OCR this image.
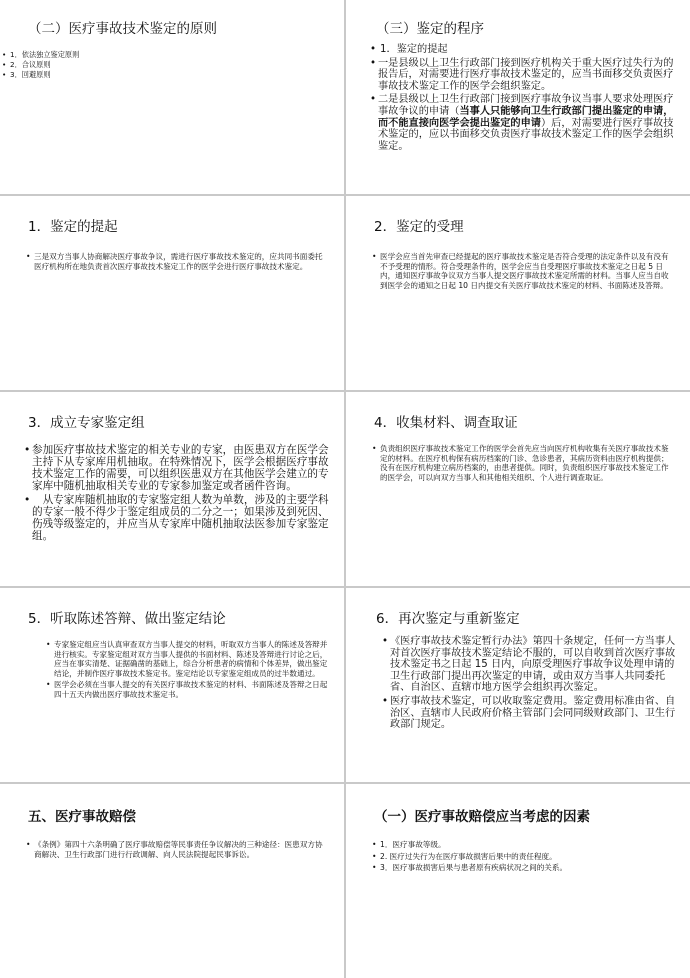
（二）医疗事故技术鉴定的原则
• 1．依法独立鉴定原则
• 2．合议原则
• 3．回避原则
（三）鉴定的程序
• 1．鉴定的提起
• 一是县级以上卫生行政部门接到医疗机构关于重大医疗过失行为的报告后，对需要进行医疗事故技术鉴定的，应当书面移交负责医疗事故技术鉴定工作的医学会组织鉴定。
• 二是县级以上卫生行政部门接到医疗事故争议当事人要求处理医疗事故争议的申请（当事人只能够向卫生行政部门提出鉴定的申请，而不能直接向医学会提出鉴定的申请）后，对需要进行医疗事故技术鉴定的，应以书面移交负责医疗事故技术鉴定工作的医学会组织鉴定。
1．鉴定的提起
• 三是双方当事人协商解决医疗事故争议，需进行医疗事故技术鉴定的，应共同书面委托医疗机构所在地负责首次医疗事故技术鉴定工作的医学会进行医疗事故技术鉴定。
2．鉴定的受理
• 医学会应当首先审查已经提起的医疗事故技术鉴定是否符合受理的法定条件以及有没有不予受理的情形。符合受理条件的，医学会应当自受理医疗事故技术鉴定之日起 5 日内，通知医疗事故争议双方当事人提交医疗事故技术鉴定所需的材料。当事人应当自收到医学会的通知之日起 10 日内提交有关医疗事故技术鉴定的材料、书面陈述及答辩。
3．成立专家鉴定组
• 参加医疗事故技术鉴定的相关专业的专家，由医患双方在医学会主持下从专家库用机抽取。在特殊情况下，医学会根据医疗事故技术鉴定工作的需要，可以组织医患双方在其他医学会建立的专家库中随机抽取相关专业的专家参加鉴定或者函件咨询。
• 　从专家库随机抽取的专家鉴定组人数为单数，涉及的主要学科的专家一般不得少于鉴定组成员的二分之一；如果涉及到死因、伤残等级鉴定的，并应当从专家库中随机抽取法医参加专家鉴定组。
4．收集材料、调查取证
• 负责组织医疗事故技术鉴定工作的医学会首先应当向医疗机构收集有关医疗事故技术鉴定的材料。在医疗机构保有病历档案的门诊、急诊患者，其病历资料由医疗机构提供；没有在医疗机构建立病历档案的，由患者提供。同时，负责组织医疗事故技术鉴定工作的医学会，可以向双方当事人和其他相关组织、个人进行调查取证。
5．听取陈述答辩、做出鉴定结论
• 专家鉴定组应当认真审查双方当事人提交的材料，听取双方当事人的陈述及答辩并进行核实。专家鉴定组对双方当事人提供的书面材料、陈述及答辩进行讨论之后，应当在事实清楚、证据确凿的基础上，综合分析患者的病情和个体差异，做出鉴定结论，并制作医疗事故技术鉴定书。鉴定结论以专家鉴定组成员的过半数通过。
• 医学会必须在当事人提交的有关医疗事故技术鉴定的材料、书面陈述及答辩之日起四十五天内做出医疗事故技术鉴定书。
6．再次鉴定与重新鉴定
• 《医疗事故技术鉴定暂行办法》第四十条规定，任何一方当事人对首次医疗事故技术鉴定结论不服的，可以自收到首次医疗事故技术鉴定书之日起 15 日内，向原受理医疗事故争议处理申请的卫生行政部门提出再次鉴定的申请，或由双方当事人共同委托省、自治区、直辖市地方医学会组织再次鉴定。
• 医疗事故技术鉴定，可以收取鉴定费用。鉴定费用标准由省、自治区、直辖市人民政府价格主管部门会同同级财政部门、卫生行政部门规定。
五、医疗事故赔偿
• 《条例》第四十六条明确了医疗事故赔偿等民事责任争议解决的三种途径：医患双方协商解决、卫生行政部门进行行政调解、向人民法院提起民事诉讼。
（一）医疗事故赔偿应当考虑的因素
• 1．医疗事故等级。
• 2. 医疗过失行为在医疗事故损害后果中的责任程度。
• 3．医疗事故损害后果与患者原有疾病状况之间的关系。
